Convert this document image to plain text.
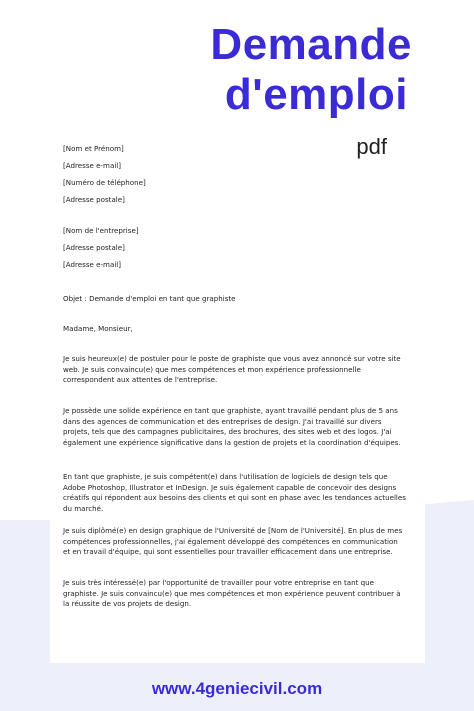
Demande
d'emploi
pdf

[Nom et Prénom]

[Adresse e-mail]

[Numéro de téléphone]

[Adresse postale]

[Nom de l'entreprise]

[Adresse postale]

[Adresse e-mail]

Objet : Demande d'emploi en tant que graphiste

Madame, Monsieur,

Je suis heureux(e) de postuler pour le poste de graphiste que vous avez annoncé sur votre site web. Je suis convaincu(e) que mes compétences et mon expérience professionnelle correspondent aux attentes de l'entreprise.

Je possède une solide expérience en tant que graphiste, ayant travaillé pendant plus de 5 ans dans des agences de communication et des entreprises de design. J'ai travaillé sur divers projets, tels que des campagnes publicitaires, des brochures, des sites web et des logos. J'ai également une expérience significative dans la gestion de projets et la coordination d'équipes.

En tant que graphiste, je suis compétent(e) dans l'utilisation de logiciels de design tels que Adobe Photoshop, Illustrator et InDesign. Je suis également capable de concevoir des designs créatifs qui répondent aux besoins des clients et qui sont en phase avec les tendances actuelles du marché.

Je suis diplômé(e) en design graphique de l'Université de [Nom de l'Université]. En plus de mes compétences professionnelles, j'ai également développé des compétences en communication et en travail d'équipe, qui sont essentielles pour travailler efficacement dans une entreprise.

Je suis très intéressé(e) par l'opportunité de travailler pour votre entreprise en tant que graphiste. Je suis convaincu(e) que mes compétences et mon expérience peuvent contribuer à la réussite de vos projets de design.

www.4geniecivil.com
